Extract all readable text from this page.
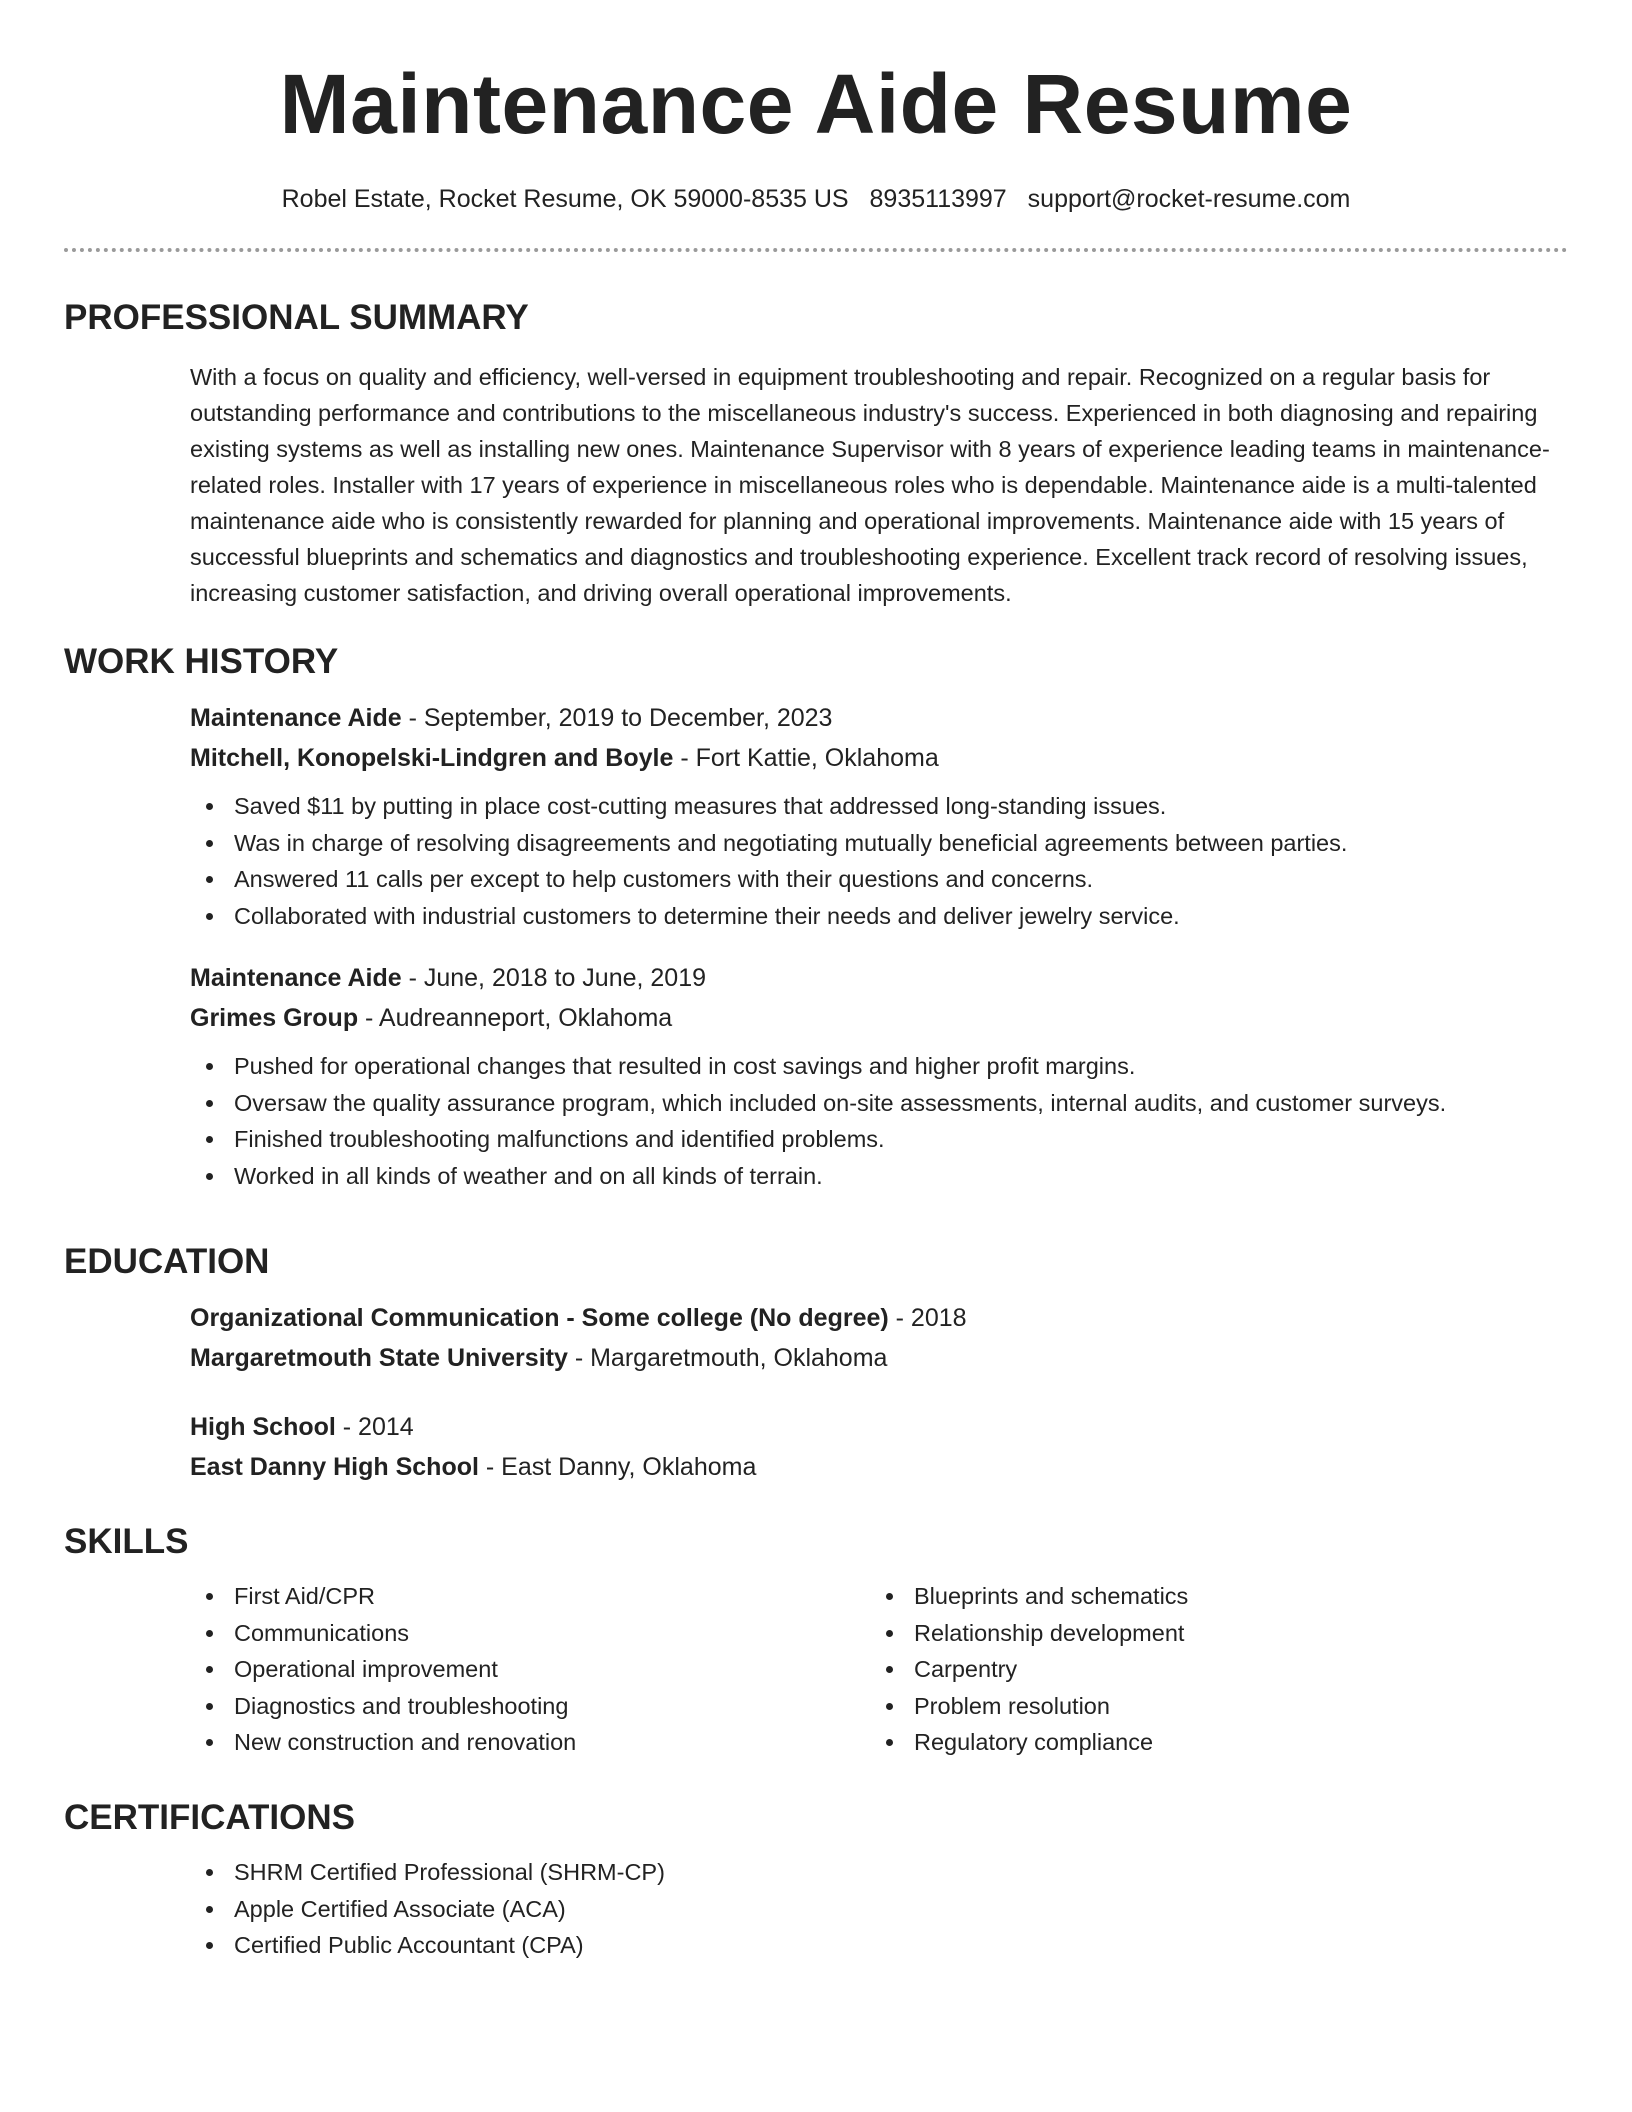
Maintenance Aide Resume
Robel Estate, Rocket Resume, OK 59000-8535 US 8935113997 support@rocket-resume.com
PROFESSIONAL SUMMARY

With a focus on quality and efficiency, well-versed in equipment troubleshooting and repair. Recognized on a regular basis for outstanding performance and contributions to the miscellaneous industry's success. Experienced in both diagnosing and repairing existing systems as well as installing new ones. Maintenance Supervisor with 8 years of experience leading teams in maintenance-related roles. Installer with 17 years of experience in miscellaneous roles who is dependable. Maintenance aide is a multi-talented maintenance aide who is consistently rewarded for planning and operational improvements. Maintenance aide with 15 years of successful blueprints and schematics and diagnostics and troubleshooting experience. Excellent track record of resolving issues, increasing customer satisfaction, and driving overall operational improvements.

WORK HISTORY

Maintenance Aide - September, 2019 to December, 2023

Mitchell, Konopelski-Lindgren and Boyle - Fort Kattie, Oklahoma

Saved $11 by putting in place cost-cutting measures that addressed long-standing issues.
Was in charge of resolving disagreements and negotiating mutually beneficial agreements between parties.
Answered 11 calls per except to help customers with their questions and concerns.
Collaborated with industrial customers to determine their needs and deliver jewelry service.

Maintenance Aide - June, 2018 to June, 2019

Grimes Group - Audreanneport, Oklahoma

Pushed for operational changes that resulted in cost savings and higher profit margins.
Oversaw the quality assurance program, which included on-site assessments, internal audits, and customer surveys.
Finished troubleshooting malfunctions and identified problems.
Worked in all kinds of weather and on all kinds of terrain.
EDUCATION

Organizational Communication - Some college (No degree) - 2018

Margaretmouth State University - Margaretmouth, Oklahoma

High School - 2014

East Danny High School - East Danny, Oklahoma

SKILLS
First Aid/CPR
Communications
Operational improvement
Diagnostics and troubleshooting
New construction and renovation
Blueprints and schematics
Relationship development
Carpentry
Problem resolution
Regulatory compliance
CERTIFICATIONS
SHRM Certified Professional (SHRM-CP)
Apple Certified Associate (ACA)
Certified Public Accountant (CPA)
